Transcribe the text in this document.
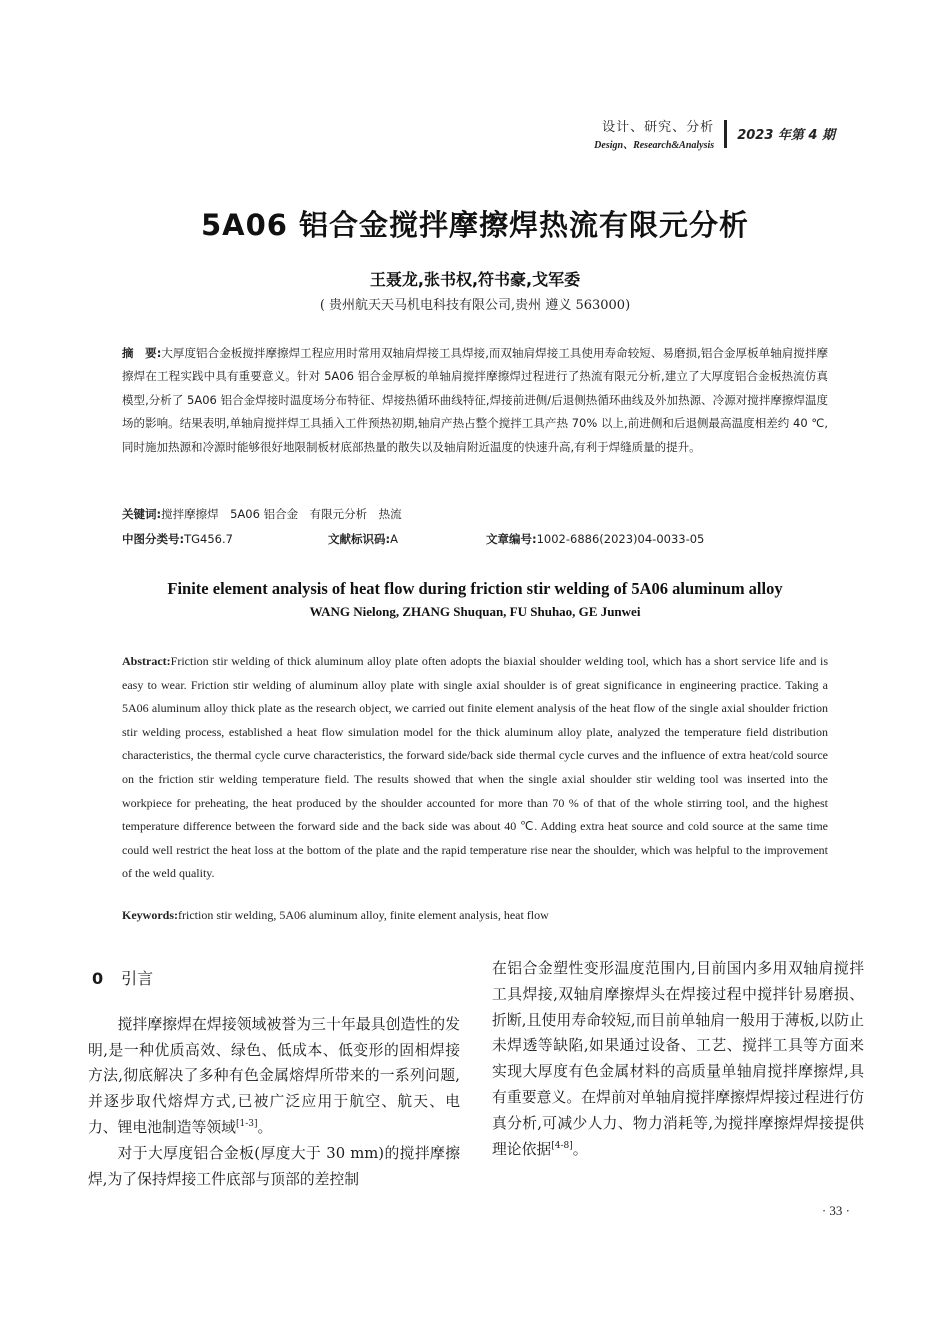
设计、研究、分析
Design、Research&Analysis
2023 年第 4 期
5A06 铝合金搅拌摩擦焊热流有限元分析
王聂龙,张书权,符书豪,戈军委
( 贵州航天天马机电科技有限公司,贵州 遵义 563000)
摘　要:大厚度铝合金板搅拌摩擦焊工程应用时常用双轴肩焊接工具焊接,而双轴肩焊接工具使用寿命较短、易磨损,铝合金厚板单轴肩搅拌摩擦焊在工程实践中具有重要意义。针对 5A06 铝合金厚板的单轴肩搅拌摩擦焊过程进行了热流有限元分析,建立了大厚度铝合金板热流仿真模型,分析了 5A06 铝合金焊接时温度场分布特征、焊接热循环曲线特征,焊接前进侧/后退侧热循环曲线及外加热源、冷源对搅拌摩擦焊温度场的影响。结果表明,单轴肩搅拌焊工具插入工件预热初期,轴肩产热占整个搅拌工具产热 70% 以上,前进侧和后退侧最高温度相差约 40 ℃,同时施加热源和冷源时能够很好地限制板材底部热量的散失以及轴肩附近温度的快速升高,有利于焊缝质量的提升。
关键词:搅拌摩擦焊　5A06 铝合金　有限元分析　热流
中图分类号:TG456.7	文献标识码:A	文章编号:1002-6886(2023)04-0033-05
Finite element analysis of heat flow during friction stir welding of 5A06 aluminum alloy
WANG Nielong, ZHANG Shuquan, FU Shuhao, GE Junwei
Abstract:Friction stir welding of thick aluminum alloy plate often adopts the biaxial shoulder welding tool, which has a short service life and is easy to wear. Friction stir welding of aluminum alloy plate with single axial shoulder is of great significance in engineering practice. Taking a 5A06 aluminum alloy thick plate as the research object, we carried out finite element analysis of the heat flow of the single axial shoulder friction stir welding process, established a heat flow simulation model for the thick aluminum alloy plate, analyzed the temperature field distribution characteristics, the thermal cycle curve characteristics, the forward side/back side thermal cycle curves and the influence of extra heat/cold source on the friction stir welding temperature field. The results showed that when the single axial shoulder stir welding tool was inserted into the workpiece for preheating, the heat produced by the shoulder accounted for more than 70 % of that of the whole stirring tool, and the highest temperature difference between the forward side and the back side was about 40 ℃. Adding extra heat source and cold source at the same time could well restrict the heat loss at the bottom of the plate and the rapid temperature rise near the shoulder, which was helpful to the improvement of the weld quality.
Keywords:friction stir welding, 5A06 aluminum alloy, finite element analysis, heat flow
0 引言

搅拌摩擦焊在焊接领域被誉为三十年最具创造性的发明,是一种优质高效、绿色、低成本、低变形的固相焊接方法,彻底解决了多种有色金属熔焊所带来的一系列问题,并逐步取代熔焊方式,已被广泛应用于航空、航天、电力、锂电池制造等领域[1-3]。

对于大厚度铝合金板(厚度大于 30 mm)的搅拌摩擦焊,为了保持焊接工件底部与顶部的差控制

在铝合金塑性变形温度范围内,目前国内多用双轴肩搅拌工具焊接,双轴肩摩擦焊头在焊接过程中搅拌针易磨损、折断,且使用寿命较短,而目前单轴肩一般用于薄板,以防止未焊透等缺陷,如果通过设备、工艺、搅拌工具等方面来实现大厚度有色金属材料的高质量单轴肩搅拌摩擦焊,具有重要意义。在焊前对单轴肩搅拌摩擦焊焊接过程进行仿真分析,可减少人力、物力消耗等,为搅拌摩擦焊焊接提供理论依据[4-8]。

· 33 ·
